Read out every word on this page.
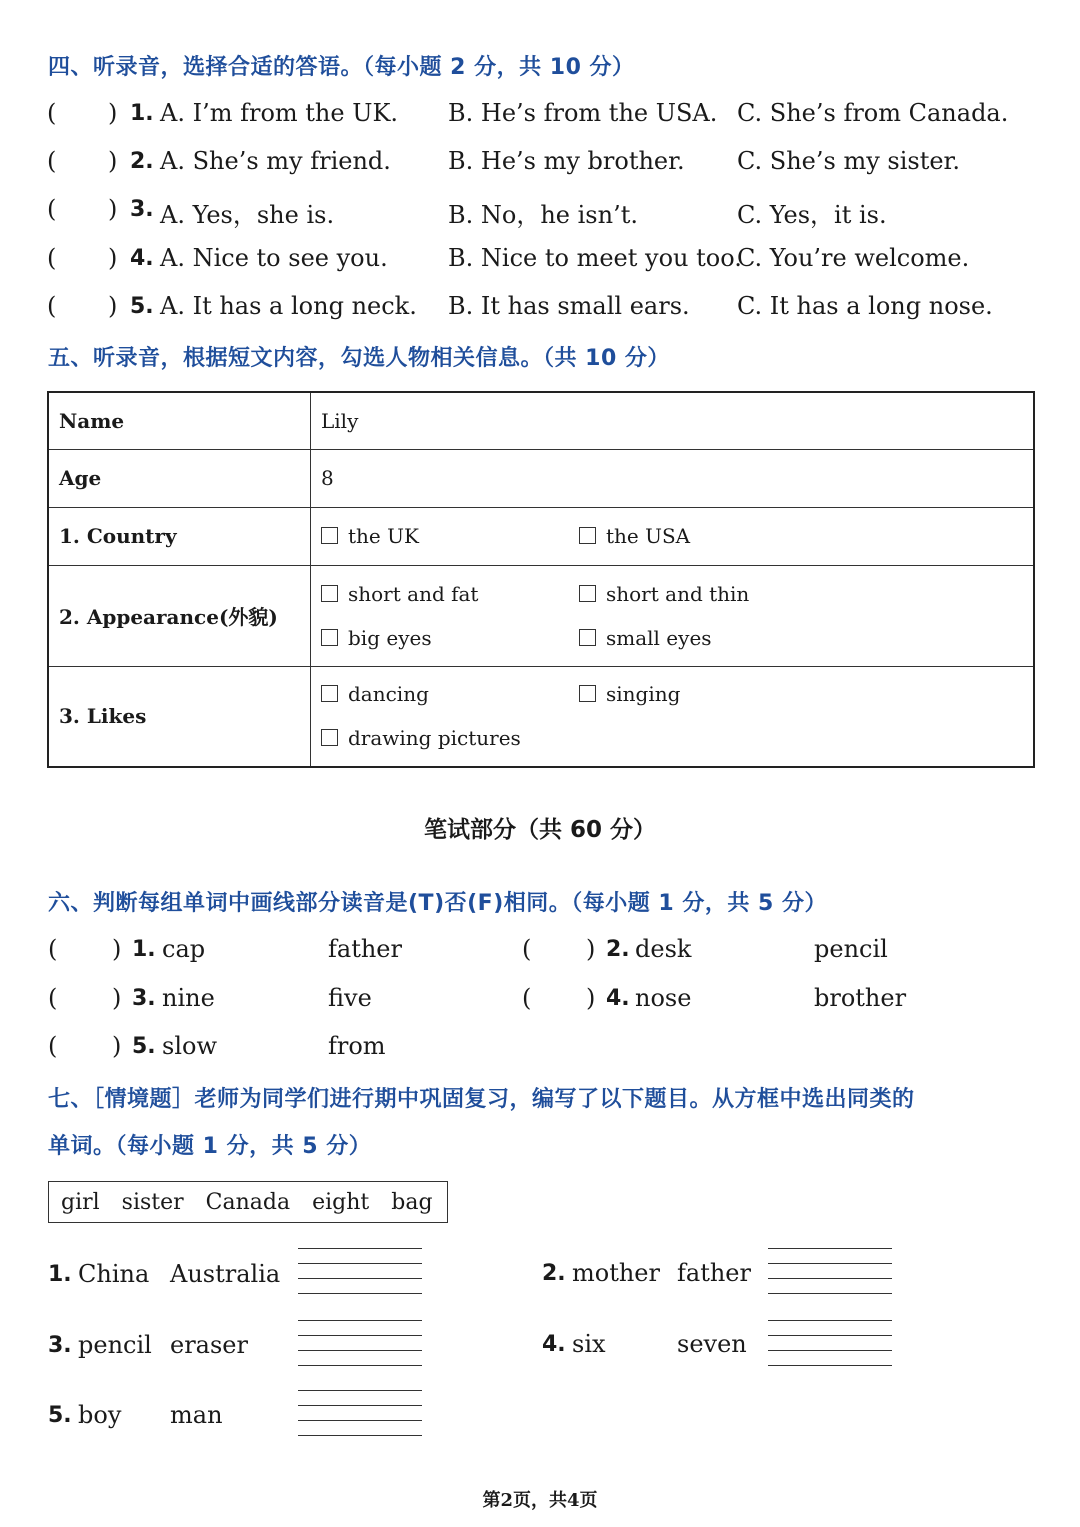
四、听录音，选择合适的答语。（每小题 2 分，共 10 分）
( ) 1. A. I’m from the UK. B. He’s from the USA. C. She’s from Canada.
( ) 2. A. She’s my friend. B. He’s my brother. C. She’s my sister.
( ) 3. A. Yes，she is.	B. No，he isn’t.	C. Yes，it is.
( ) 4. A. Nice to see you.	B. Nice to meet you too.
C. You’re welcome.
( ) 5. A. It has a long neck. B. It has small ears. C. It has a long nose.
五、听录音，根据短文内容，勾选人物相关信息。（共 10 分）
Name	Lily
Age	8
1. Country	the UK the USA
2. Appearance(外貌)	short and fat short and thin
big eyes small eyes

3. Likes	dancing singing
drawing pictures
笔试部分（共 60 分）
六、判断每组单词中画线部分读音是(T)否(F)相同。（每小题 1 分，共 5 分）
( ) 1. cap	father	( ) 2. desk	pencil
( ) 3. nine	five	( ) 4. nose	brother
( ) 5. slow	from
七、［情境题］老师为同学们进行期中巩固复习，编写了以下题目。从方框中选出同类的
单词。（每小题 1 分，共 5 分）
girl sister Canada eight bag
1. China Australia	2. mother father
3. pencil eraser	4. six	seven
5. boy man
第2页，共4页
